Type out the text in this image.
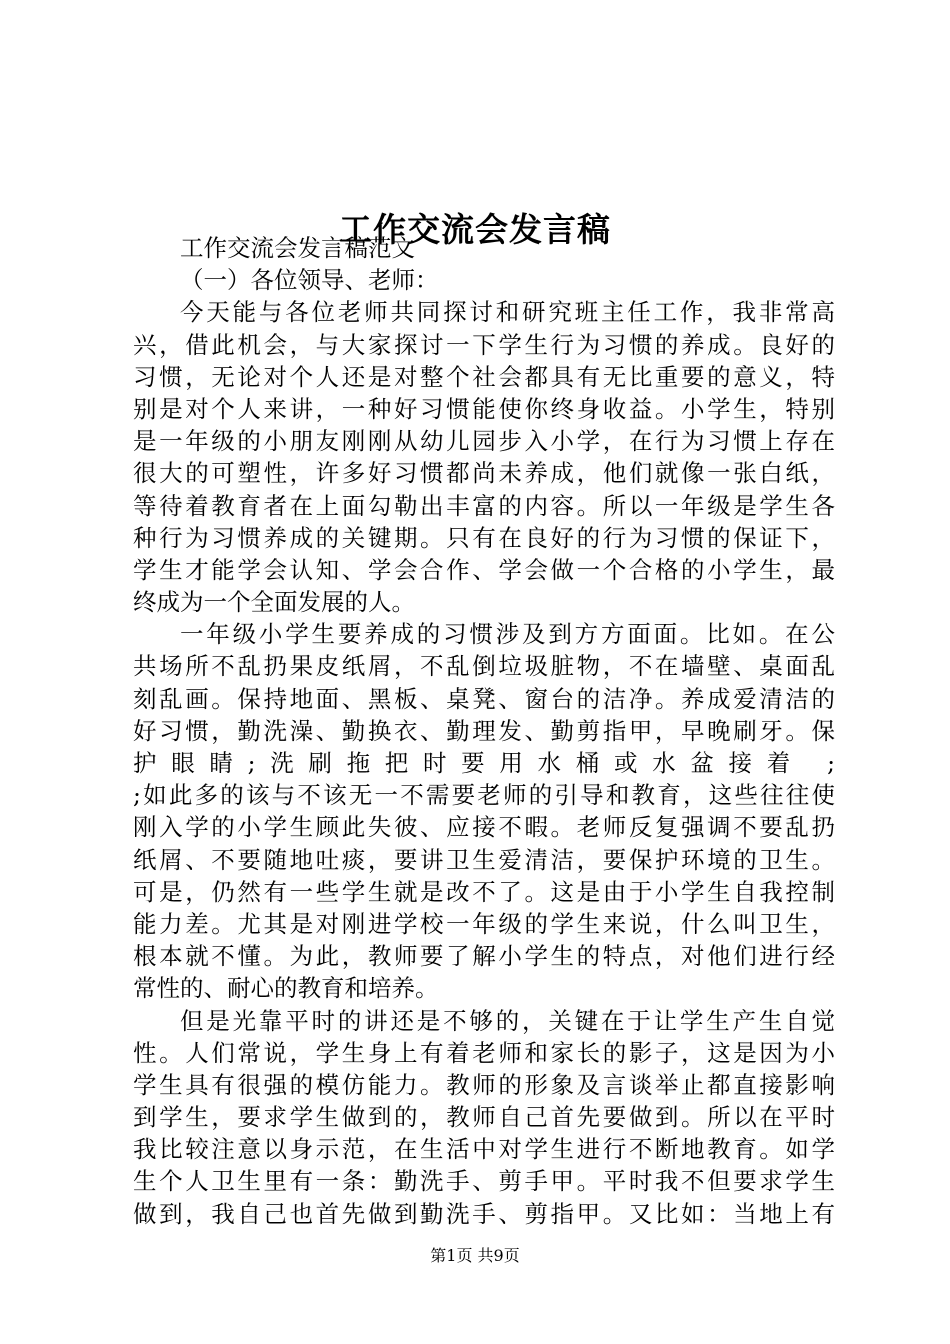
工作交流会发言稿
工作交流会发言稿范文
（一）各位领导、老师：
今天能与各位老师共同探讨和研究班主任工作，我非常高
兴，借此机会，与大家探讨一下学生行为习惯的养成。良好的
习惯，无论对个人还是对整个社会都具有无比重要的意义，特
别是对个人来讲，一种好习惯能使你终身收益。小学生，特别
是一年级的小朋友刚刚从幼儿园步入小学，在行为习惯上存在
很大的可塑性，许多好习惯都尚未养成，他们就像一张白纸，
等待着教育者在上面勾勒出丰富的内容。所以一年级是学生各
种行为习惯养成的关键期。只有在良好的行为习惯的保证下，
学生才能学会认知、学会合作、学会做一个合格的小学生，最
终成为一个全面发展的人。
一年级小学生要养成的习惯涉及到方方面面。比如。在公
共场所不乱扔果皮纸屑，不乱倒垃圾脏物，不在墙壁、桌面乱
刻乱画。保持地面、黑板、桌凳、窗台的洁净。养成爱清洁的
好习惯，勤洗澡、勤换衣、勤理发、勤剪指甲，早晚刷牙。保
护眼睛;洗刷拖把时要用水桶或水盆接着 ;
;如此多的该与不该无一不需要老师的引导和教育，这些往往使
刚入学的小学生顾此失彼、应接不暇。老师反复强调不要乱扔
纸屑、不要随地吐痰，要讲卫生爱清洁，要保护环境的卫生。
可是，仍然有一些学生就是改不了。这是由于小学生自我控制
能力差。尤其是对刚进学校一年级的学生来说，什么叫卫生，
根本就不懂。为此，教师要了解小学生的特点，对他们进行经
常性的、耐心的教育和培养。
但是光靠平时的讲还是不够的，关键在于让学生产生自觉
性。人们常说，学生身上有着老师和家长的影子，这是因为小
学生具有很强的模仿能力。教师的形象及言谈举止都直接影响
到学生，要求学生做到的，教师自己首先要做到。所以在平时
我比较注意以身示范，在生活中对学生进行不断地教育。如学
生个人卫生里有一条：勤洗手、剪手甲。平时我不但要求学生
做到，我自己也首先做到勤洗手、剪指甲。又比如：当地上有
第1页 共9页
